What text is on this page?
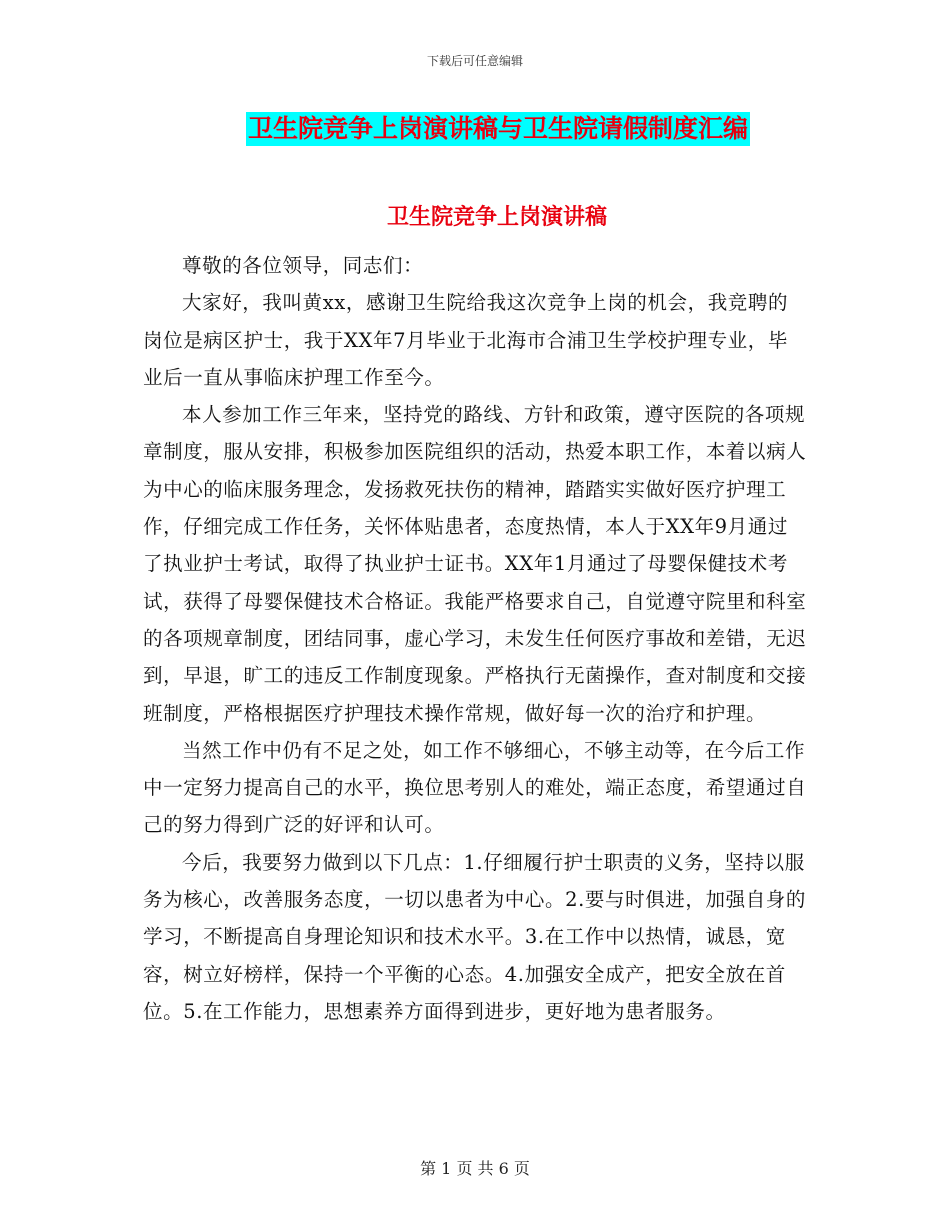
下载后可任意编辑
卫生院竞争上岗演讲稿与卫生院请假制度汇编
卫生院竞争上岗演讲稿

尊敬的各位领导，同志们：

大家好，我叫黄xx，感谢卫生院给我这次竞争上岗的机会，我竞聘的岗位是病区护士，我于XX年7月毕业于北海市合浦卫生学校护理专业，毕业后一直从事临床护理工作至今。

本人参加工作三年来，坚持党的路线、方针和政策，遵守医院的各项规章制度，服从安排，积极参加医院组织的活动，热爱本职工作，本着以病人为中心的临床服务理念，发扬救死扶伤的精神，踏踏实实做好医疗护理工作，仔细完成工作任务，关怀体贴患者，态度热情，本人于XX年9月通过了执业护士考试，取得了执业护士证书。XX年1月通过了母婴保健技术考试，获得了母婴保健技术合格证。我能严格要求自己，自觉遵守院里和科室的各项规章制度，团结同事，虚心学习，未发生任何医疗事故和差错，无迟到，早退，旷工的违反工作制度现象。严格执行无菌操作，查对制度和交接班制度，严格根据医疗护理技术操作常规，做好每一次的治疗和护理。

当然工作中仍有不足之处，如工作不够细心，不够主动等，在今后工作中一定努力提高自己的水平，换位思考别人的难处，端正态度，希望通过自己的努力得到广泛的好评和认可。

今后，我要努力做到以下几点：1.仔细履行护士职责的义务，坚持以服务为核心，改善服务态度，一切以患者为中心。2.要与时俱进，加强自身的学习，不断提高自身理论知识和技术水平。3.在工作中以热情，诚恳，宽容，树立好榜样，保持一个平衡的心态。4.加强安全成产，把安全放在首位。5.在工作能力，思想素养方面得到进步，更好地为患者服务。

第 1 页 共 6 页
